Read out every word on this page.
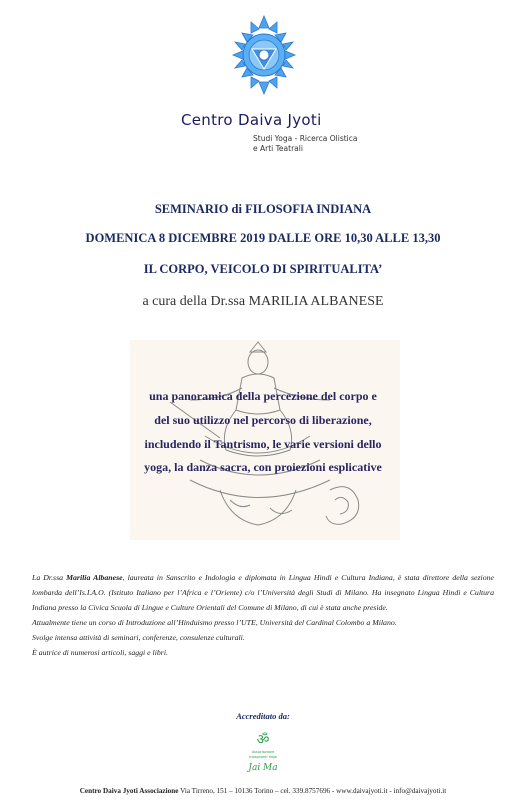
Centro Daiva Jyoti
Studi Yoga - Ricerca Olistica
e Arti Teatrali
SEMINARIO di FILOSOFIA INDIANA
DOMENICA 8 DICEMBRE 2019 DALLE ORE 10,30 ALLE 13,30
IL CORPO, VEICOLO DI SPIRITUALITA’
a cura della Dr.ssa MARILIA ALBANESE
una panoramica della percezione del corpo e
del suo utilizzo nel percorso di liberazione,
includendo il Tantrismo, le varie versioni dello
yoga, la danza sacra, con proiezioni esplicative

La Dr.ssa Marilia Albanese, laureata in Sanscrito e Indologia e diplomata in Lingua Hindi e Cultura Indiana, è stata direttore della sezione lombarda dell’Is.I.A.O. (Istituto Italiano per l’Africa e l’Oriente) c/o l’Università degli Studi di Milano. Ha insegnato Lingua Hindi e Cultura Indiana presso la Civica Scuola di Lingue e Culture Orientali del Comune di Milano, di cui è stata anche preside.

Attualmente tiene un corso di Introduzione all’Hinduismo presso l’UTE, Università del Cardinal Colombo a Milano.

Svolge intensa attività di seminari, conferenze, consulenze culturali.

È autrice di numerosi articoli, saggi e libri.

Accreditato da:
ॐ
Associazione
Insegnanti Yoga
Jai Ma
Centro Daiva Jyoti Associazione Via Tirreno, 151 – 10136 Torino – cel. 339.8757696 - www.daivajyoti.it - info@daivajyoti.it
